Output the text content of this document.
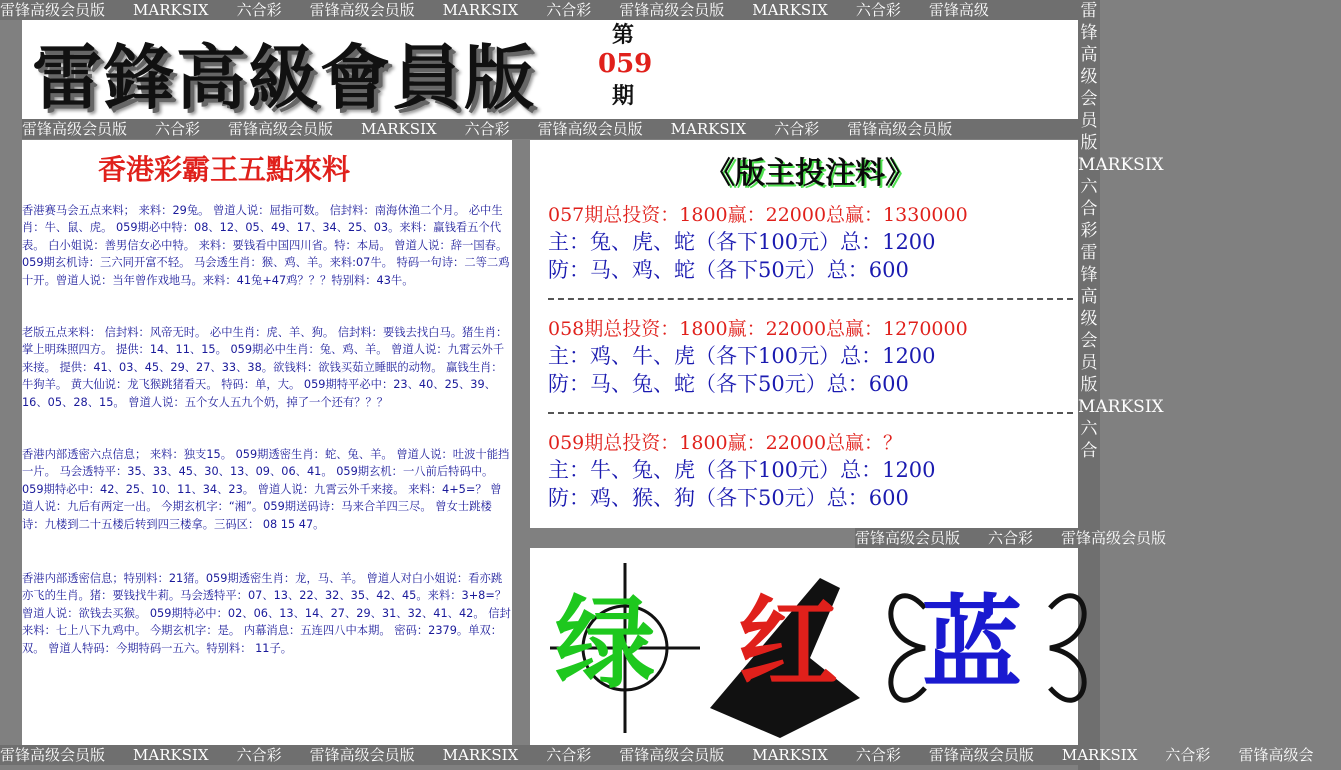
雷锋高级会员版 MARKSIX 六合彩 雷锋高级会员版 MARKSIX 六合彩 雷锋高级会员版 MARKSIX 六合彩 雷锋高级	雷锋高级会员版MARKSIX六合彩雷锋高级会员版MARKSIX六合
雷鋒高級會員版
第
059
期
雷锋高级会员版 六合彩 雷锋高级会员版 MARKSIX 六合彩 雷锋高级会员版 MARKSIX 六合彩 雷锋高级会员版
香港彩霸王五點來料

香港赛马会五点来料； 来料：29兔。 曾道人说：屈指可数。 信封料：南海休渔二个月。 必中生肖：牛、鼠、虎。 059期必中特：08、12、05、49、17、34、25、03。来料：赢钱看五个代表。 白小姐说：善男信女必中特。 来料：要钱看中国四川省。特：本局。 曾道人说：辞一国春。 059期玄机诗：三六同开富不轻。 马会透生肖：猴、鸡、羊。来料:07牛。 特码一句诗：二等二鸡十开。曾道人说：当年曾作戏地马。来料：41兔+47鸡？？？特别料：43牛。

老版五点来料： 信封料：风帝无时。 必中生肖：虎、羊、狗。 信封料：要钱去找白马。猪生肖：掌上明珠照四方。 提供：14、11、15。 059期必中生肖：兔、鸡、羊。 曾道人说：九霄云外千来接。 提供：41、03、45、29、27、33、38。欲钱料：欲钱买茹立睡眠的动物。 赢钱生肖：牛狗羊。 黄大仙说：龙飞猴跳猪看天。 特码：单，大。 059期特平必中：23、40、25、39、16、05、28、15。 曾道人说：五个女人五九个奶，掉了一个还有？？？

香港内部透密六点信息； 来料：独支15。 059期透密生肖：蛇、兔、羊。 曾道人说：吐波十能挡一片。 马会透特平：35、33、45、30、13、09、06、41。 059期玄机：一八前后特码中。 059期特必中：42、25、10、11、34、23。 曾道人说：九霄云外千来接。 来料：4+5=？ 曾道人说：九后有两定一出。 今期玄机字：“湘”。059期送码诗：马来合羊四三尽。 曾女士跳楼诗：九楼到二十五楼后转到四三楼拿。三码区： 08 15 47。

香港内部透密信息；特别料：21猪。059期透密生肖：龙，马、羊。 曾道人对白小姐说：看亦跳亦飞的生肖。猪：要钱找牛莉。马会透特平：07、13、22、32、35、42、45。来料：3+8=？ 曾道人说：欲钱去买猴。 059期特必中：02、06、13、14、27、29、31、32、41、42。 信封来料：七上八下九鸡中。 今期玄机字：是。 内幕消息：五连四八中本期。 密码：2379。单双：双。 曾道人特码：今期特码一五六。特别料： 11子。

《版主投注料》
057期总投资：1800赢：22000总赢：1330000
主：兔、虎、蛇（各下100元）总：1200
防：马、鸡、蛇（各下50元）总：600
058期总投资：1800赢：22000总赢：1270000
主：鸡、牛、虎（各下100元）总：1200
防：马、兔、蛇（各下50元）总：600
059期总投资：1800赢：22000总赢：？
主：牛、兔、虎（各下100元）总：1200
防：鸡、猴、狗（各下50元）总：600
雷锋高级会员版 六合彩 雷锋高级会员版
绿 红 蓝
雷锋高级会员版 MARKSIX 六合彩 雷锋高级会员版 MARKSIX 六合彩 雷锋高级会员版 MARKSIX 六合彩 雷锋高级会员版 MARKSIX 六合彩 雷锋高级会
